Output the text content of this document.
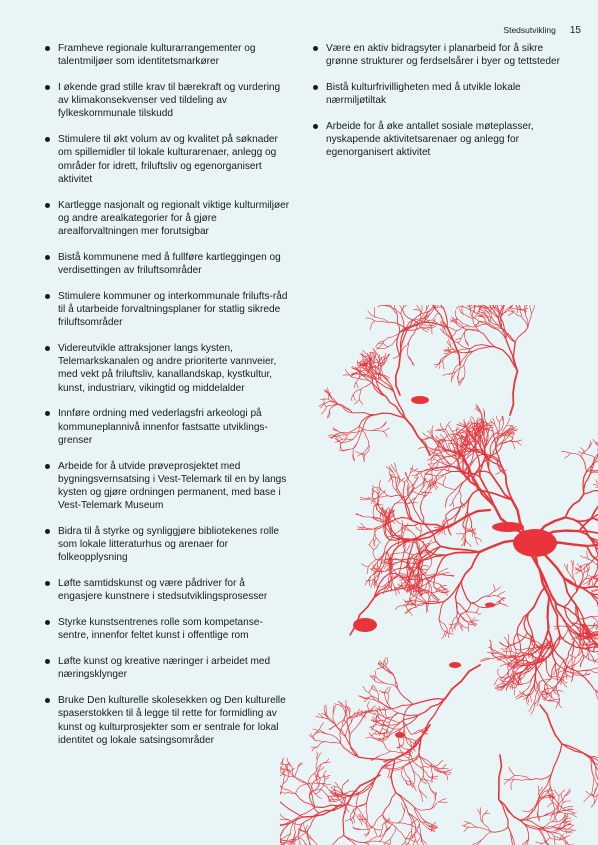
Stedsutvikling 15
Framheve regionale kulturarrangementer og talentmiljøer som identitetsmarkører
I økende grad stille krav til bærekraft og vurdering av klimakonsekvenser ved tildeling av fylkeskommunale tilskudd
Stimulere til økt volum av og kvalitet på søknader om spillemidler til lokale kulturarenaer, anlegg og områder for idrett, friluftsliv og egenorganisert aktivitet
Kartlegge nasjonalt og regionalt viktige kulturmiljøer og andre arealkategorier for å gjøre arealforvaltningen mer forutsigbar
Bistå kommunene med å fullføre kartleggingen og verdisettingen av friluftsområder
Stimulere kommuner og interkommunale frilufts-råd til å utarbeide forvaltningsplaner for statlig sikrede friluftsområder
Videreutvikle attraksjoner langs kysten, Telemarkskanalen og andre prioriterte vannveier, med vekt på friluftsliv, kanallandskap, kystkultur, kunst, industriarv, vikingtid og middelalder
Innføre ordning med vederlagsfri arkeologi på kommuneplannivå innenfor fastsatte utviklings-grenser
Arbeide for å utvide prøveprosjektet med bygningsvernsatsing i Vest-Telemark til en by langs kysten og gjøre ordningen permanent, med base i Vest-Telemark Museum
Bidra til å styrke og synliggjøre bibliotekenes rolle som lokale litteraturhus og arenaer for folkeopplysning
Løfte samtidskunst og være pådriver for å engasjere kunstnere i stedsutviklingsprosesser
Styrke kunstsentrenes rolle som kompetanse-sentre, innenfor feltet kunst i offentlige rom
Løfte kunst og kreative næringer i arbeidet med næringsklynger
Bruke Den kulturelle skolesekken og Den kulturelle spaserstokken til å legge til rette for formidling av kunst og kulturprosjekter som er sentrale for lokal identitet og lokale satsingsområder
Være en aktiv bidragsyter i planarbeid for å sikre grønne strukturer og ferdselsårer i byer og tettsteder
Bistå kulturfrivilligheten med å utvikle lokale nærmiljøtiltak
Arbeide for å øke antallet sosiale møteplasser, nyskapende aktivitetsarenaer og anlegg for egenorganisert aktivitet
